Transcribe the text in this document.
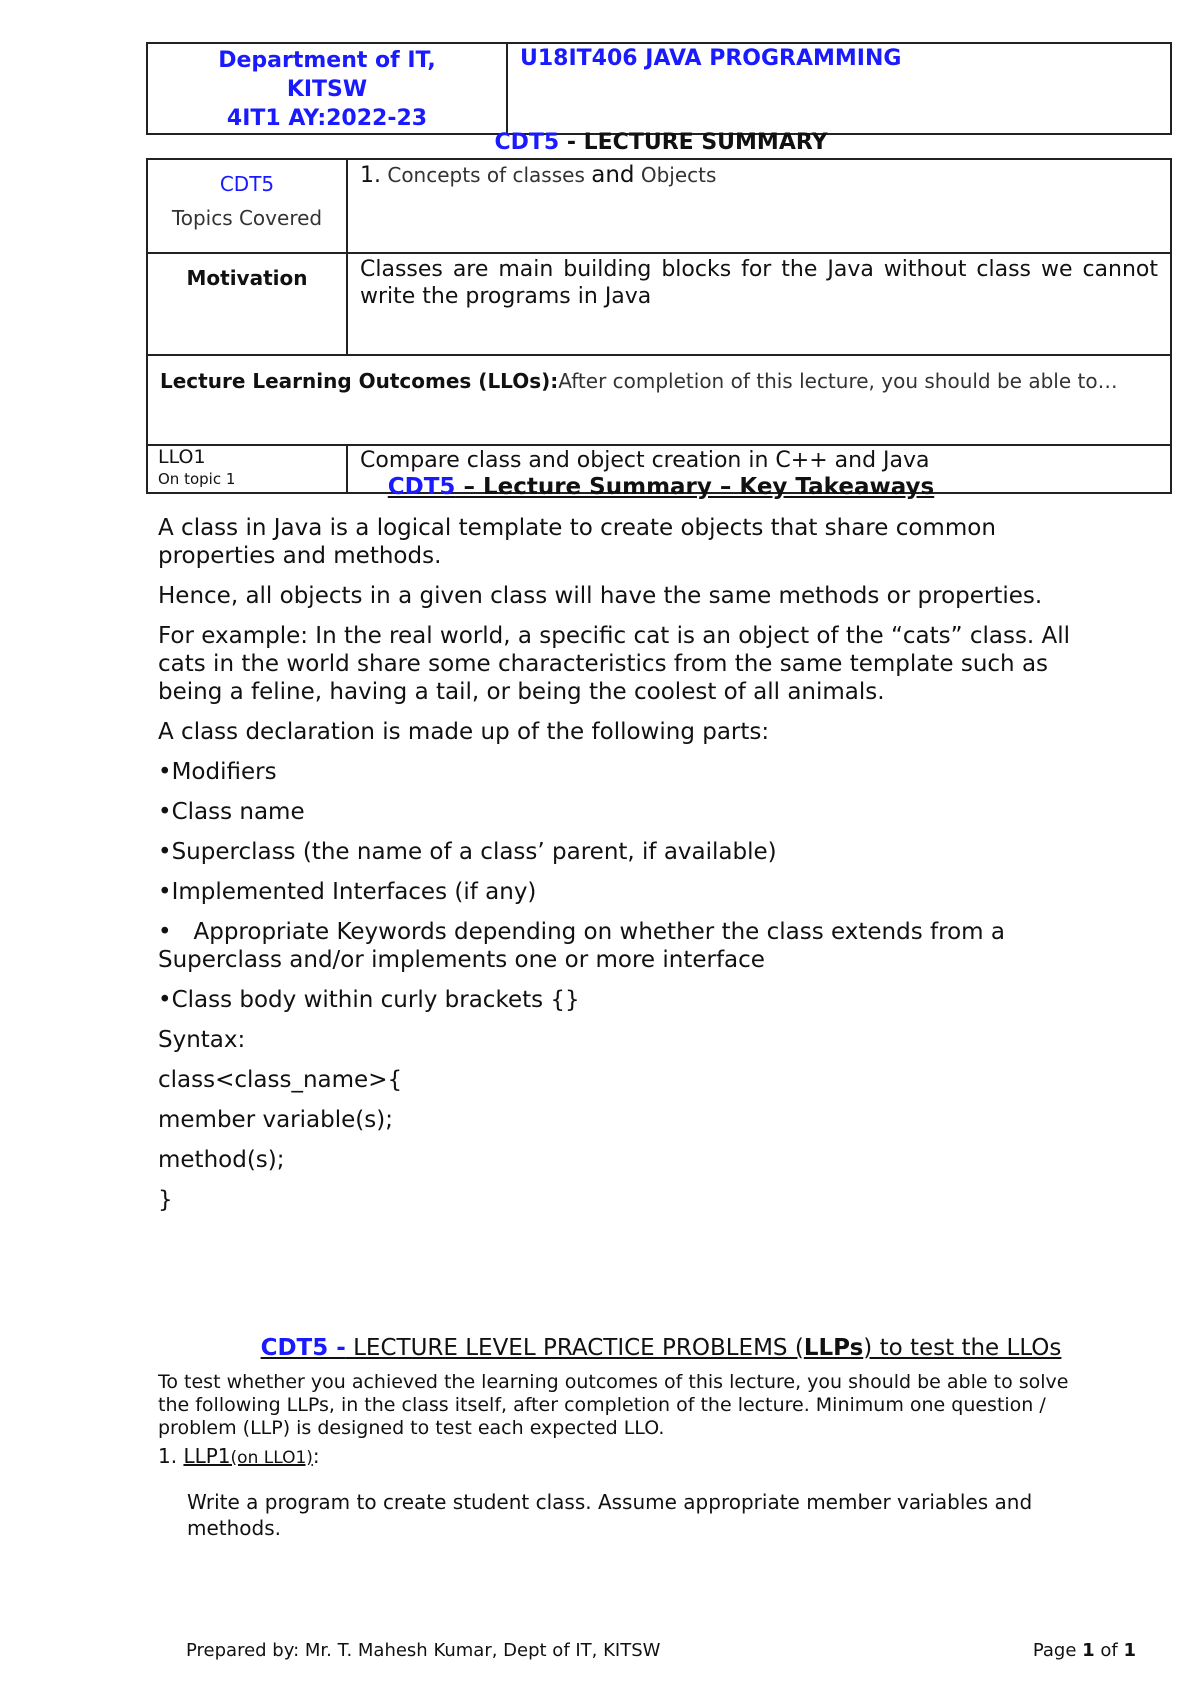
Department of IT,
KITSW
4IT1 AY:2022-23
	U18IT406 JAVA PROGRAMMING
CDT5 - LECTURE SUMMARY
CDT5
Topics Covered	1. Concepts of classes and Objects
Motivation	Classes are main building blocks for the Java without class we cannot write the programs in Java
Lecture Learning Outcomes (LLOs):After completion of this lecture, you should be able to…	

LLO1
On topic 1	Compare class and object creation in C++ and Java
CDT5 – Lecture Summary – Key Takeaways

A class in Java is a logical template to create objects that share common properties and methods.

Hence, all objects in a given class will have the same methods or properties.

For example: In the real world, a specific cat is an object of the “cats” class. All cats in the world share some characteristics from the same template such as being a feline, having a tail, or being the coolest of all animals.

A class declaration is made up of the following parts:

•Modifiers

•Class name

•Superclass (the name of a class’ parent, if available)

•Implemented Interfaces (if any)

•   Appropriate Keywords depending on whether the class extends from a Superclass and/or implements one or more interface

•Class body within curly brackets {}

Syntax:

class<class_name>{

member variable(s);

method(s);

}

CDT5 - LECTURE LEVEL PRACTICE PROBLEMS (LLPs) to test the LLOs
To test whether you achieved the learning outcomes of this lecture, you should be able to solve the following LLPs, in the class itself, after completion of the lecture. Minimum one question / problem (LLP) is designed to test each expected LLO.
1. LLP1(on LLO1):
Write a program to create student class. Assume appropriate member variables and methods.
Prepared by: Mr. T. Mahesh Kumar, Dept of IT, KITSW	Page 1 of 1
